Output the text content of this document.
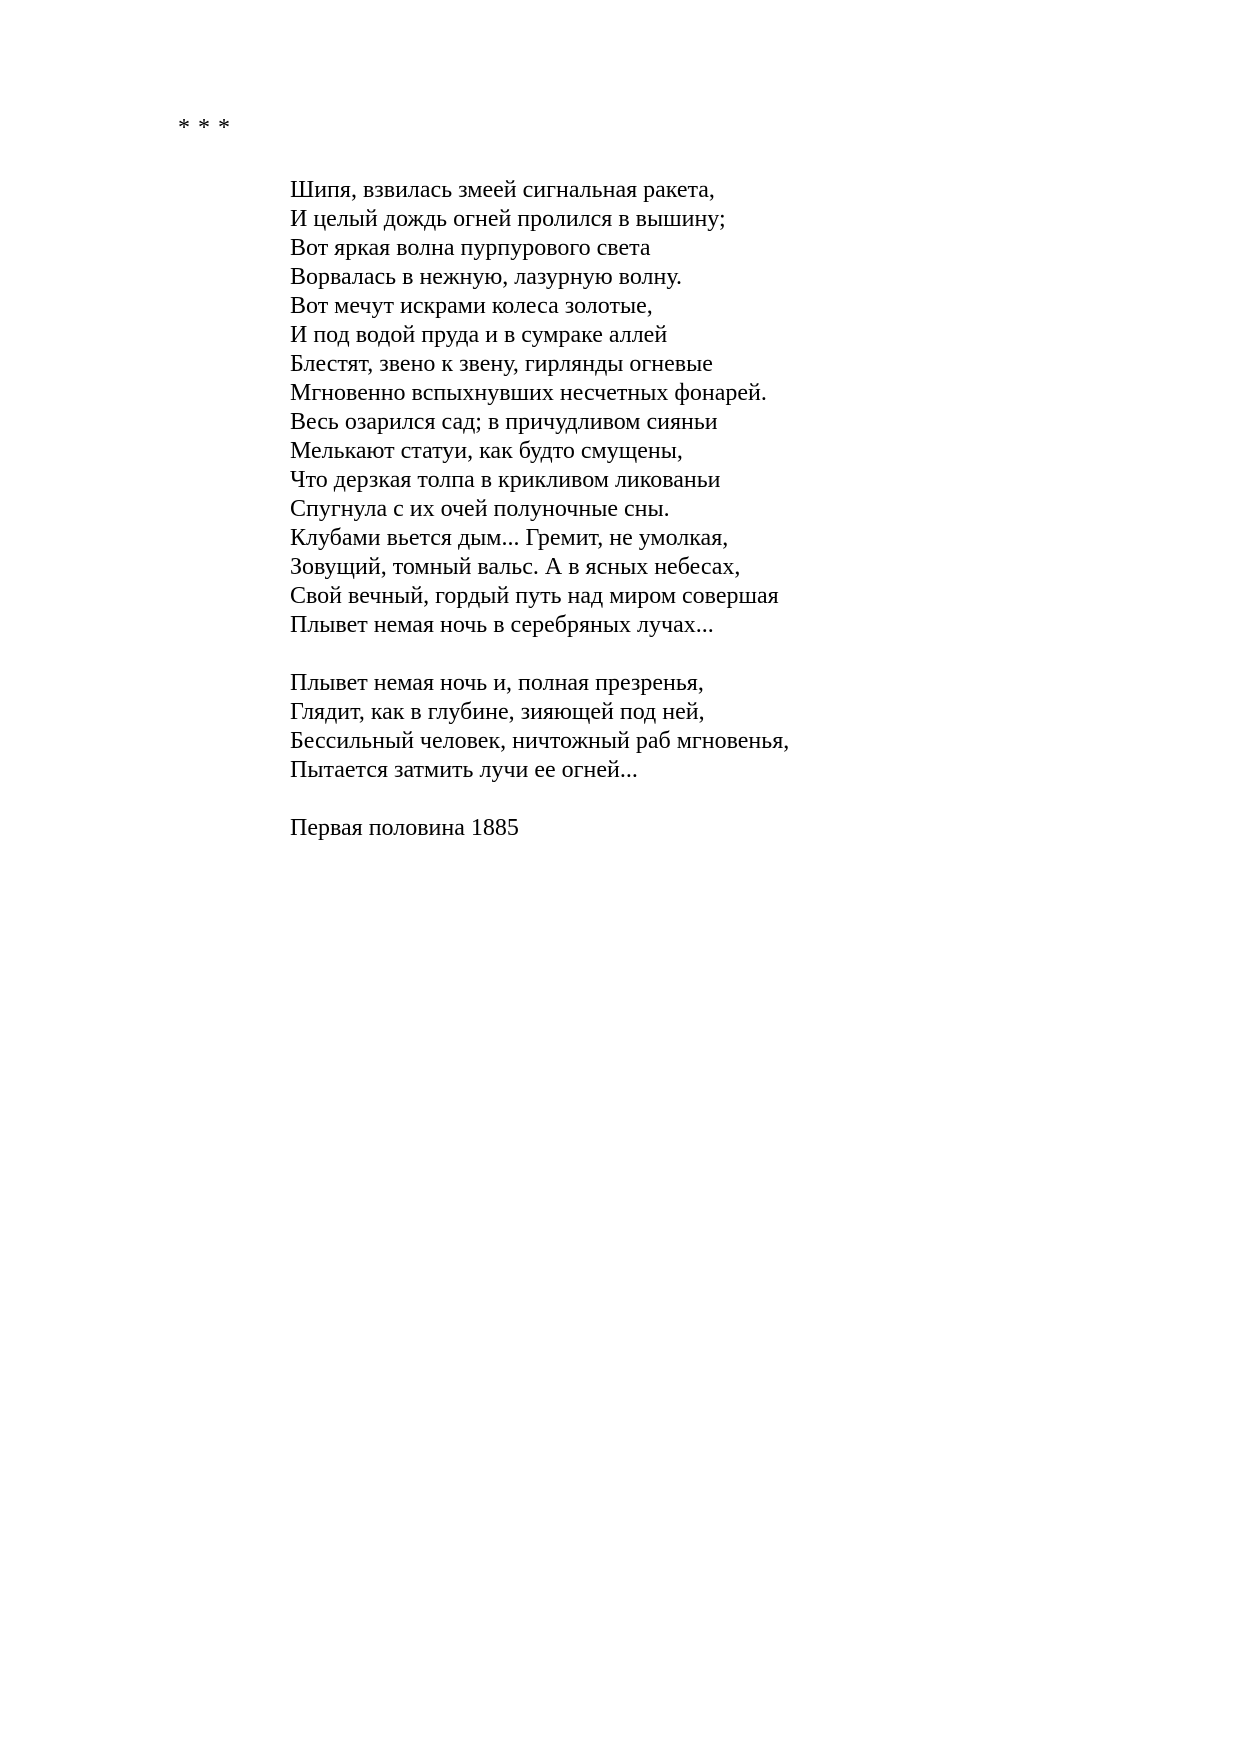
* * *
Шипя, взвилась змеей сигнальная ракета,
И целый дождь огней пролился в вышину;
Вот яркая волна пурпурового света
Ворвалась в нежную, лазурную волну.
Вот мечут искрами колеса золотые,
И под водой пруда и в сумраке аллей
Блестят, звено к звену, гирлянды огневые
Мгновенно вспыхнувших несчетных фонарей.
Весь озарился сад; в причудливом сияньи
Мелькают статуи, как будто смущены,
Что дерзкая толпа в крикливом ликованьи
Спугнула с их очей полуночные сны.
Клубами вьется дым... Гремит, не умолкая,
Зовущий, томный вальс. А в ясных небесах,
Свой вечный, гордый путь над миром совершая
Плывет немая ночь в серебряных лучах...
Плывет немая ночь и, полная презренья,
Глядит, как в глубине, зияющей под ней,
Бессильный человек, ничтожный раб мгновенья,
Пытается затмить лучи ее огней...
Первая половина 1885
